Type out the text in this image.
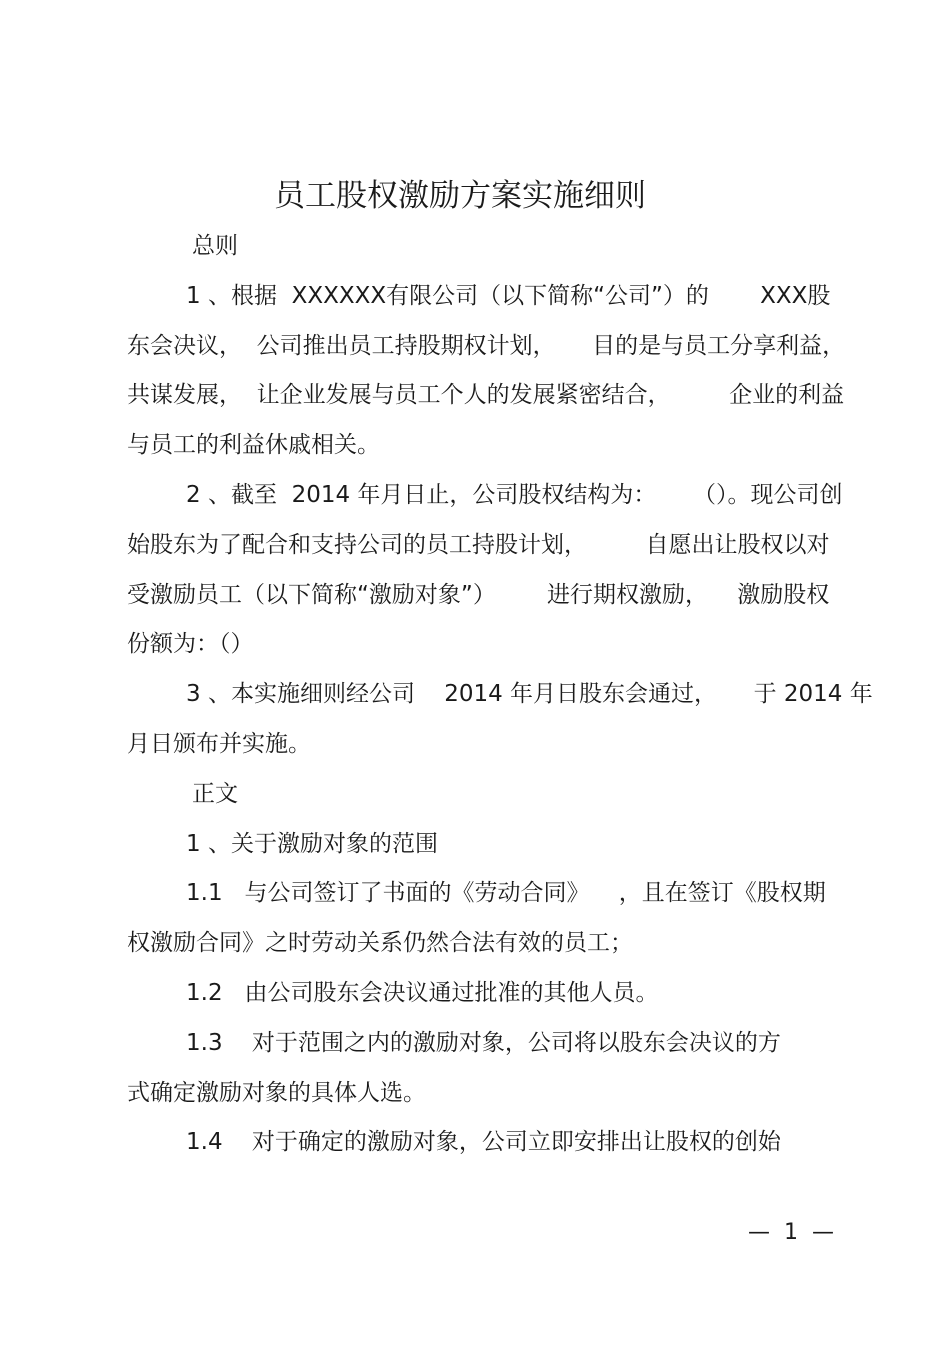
员工股权激励方案实施细则
总则
1 、根据  XXXXXX有限公司（以下简称“公司”）的       XXX股
东会决议，  公司推出员工持股期权计划，     目的是与员工分享利益，
共谋发展，  让企业发展与员工个人的发展紧密结合，        企业的利益
与员工的利益休戚相关。
2 、截至  2014 年月日止，公司股权结构为：     （）。现公司创
始股东为了配合和支持公司的员工持股计划，        自愿出让股权以对
受激励员工（以下简称“激励对象”）       进行期权激励，    激励股权
份额为：（）
3 、本实施细则经公司    2014 年月日股东会通过，     于 2014 年
月日颁布并实施。
正文
1 、关于激励对象的范围
1.1   与公司签订了书面的《劳动合同》    ，且在签订《股权期
权激励合同》之时劳动关系仍然合法有效的员工；
1.2   由公司股东会决议通过批准的其他人员。
1.3    对于范围之内的激励对象，公司将以股东会决议的方
式确定激励对象的具体人选。
1.4    对于确定的激励对象，公司立即安排出让股权的创始
—  1  —
